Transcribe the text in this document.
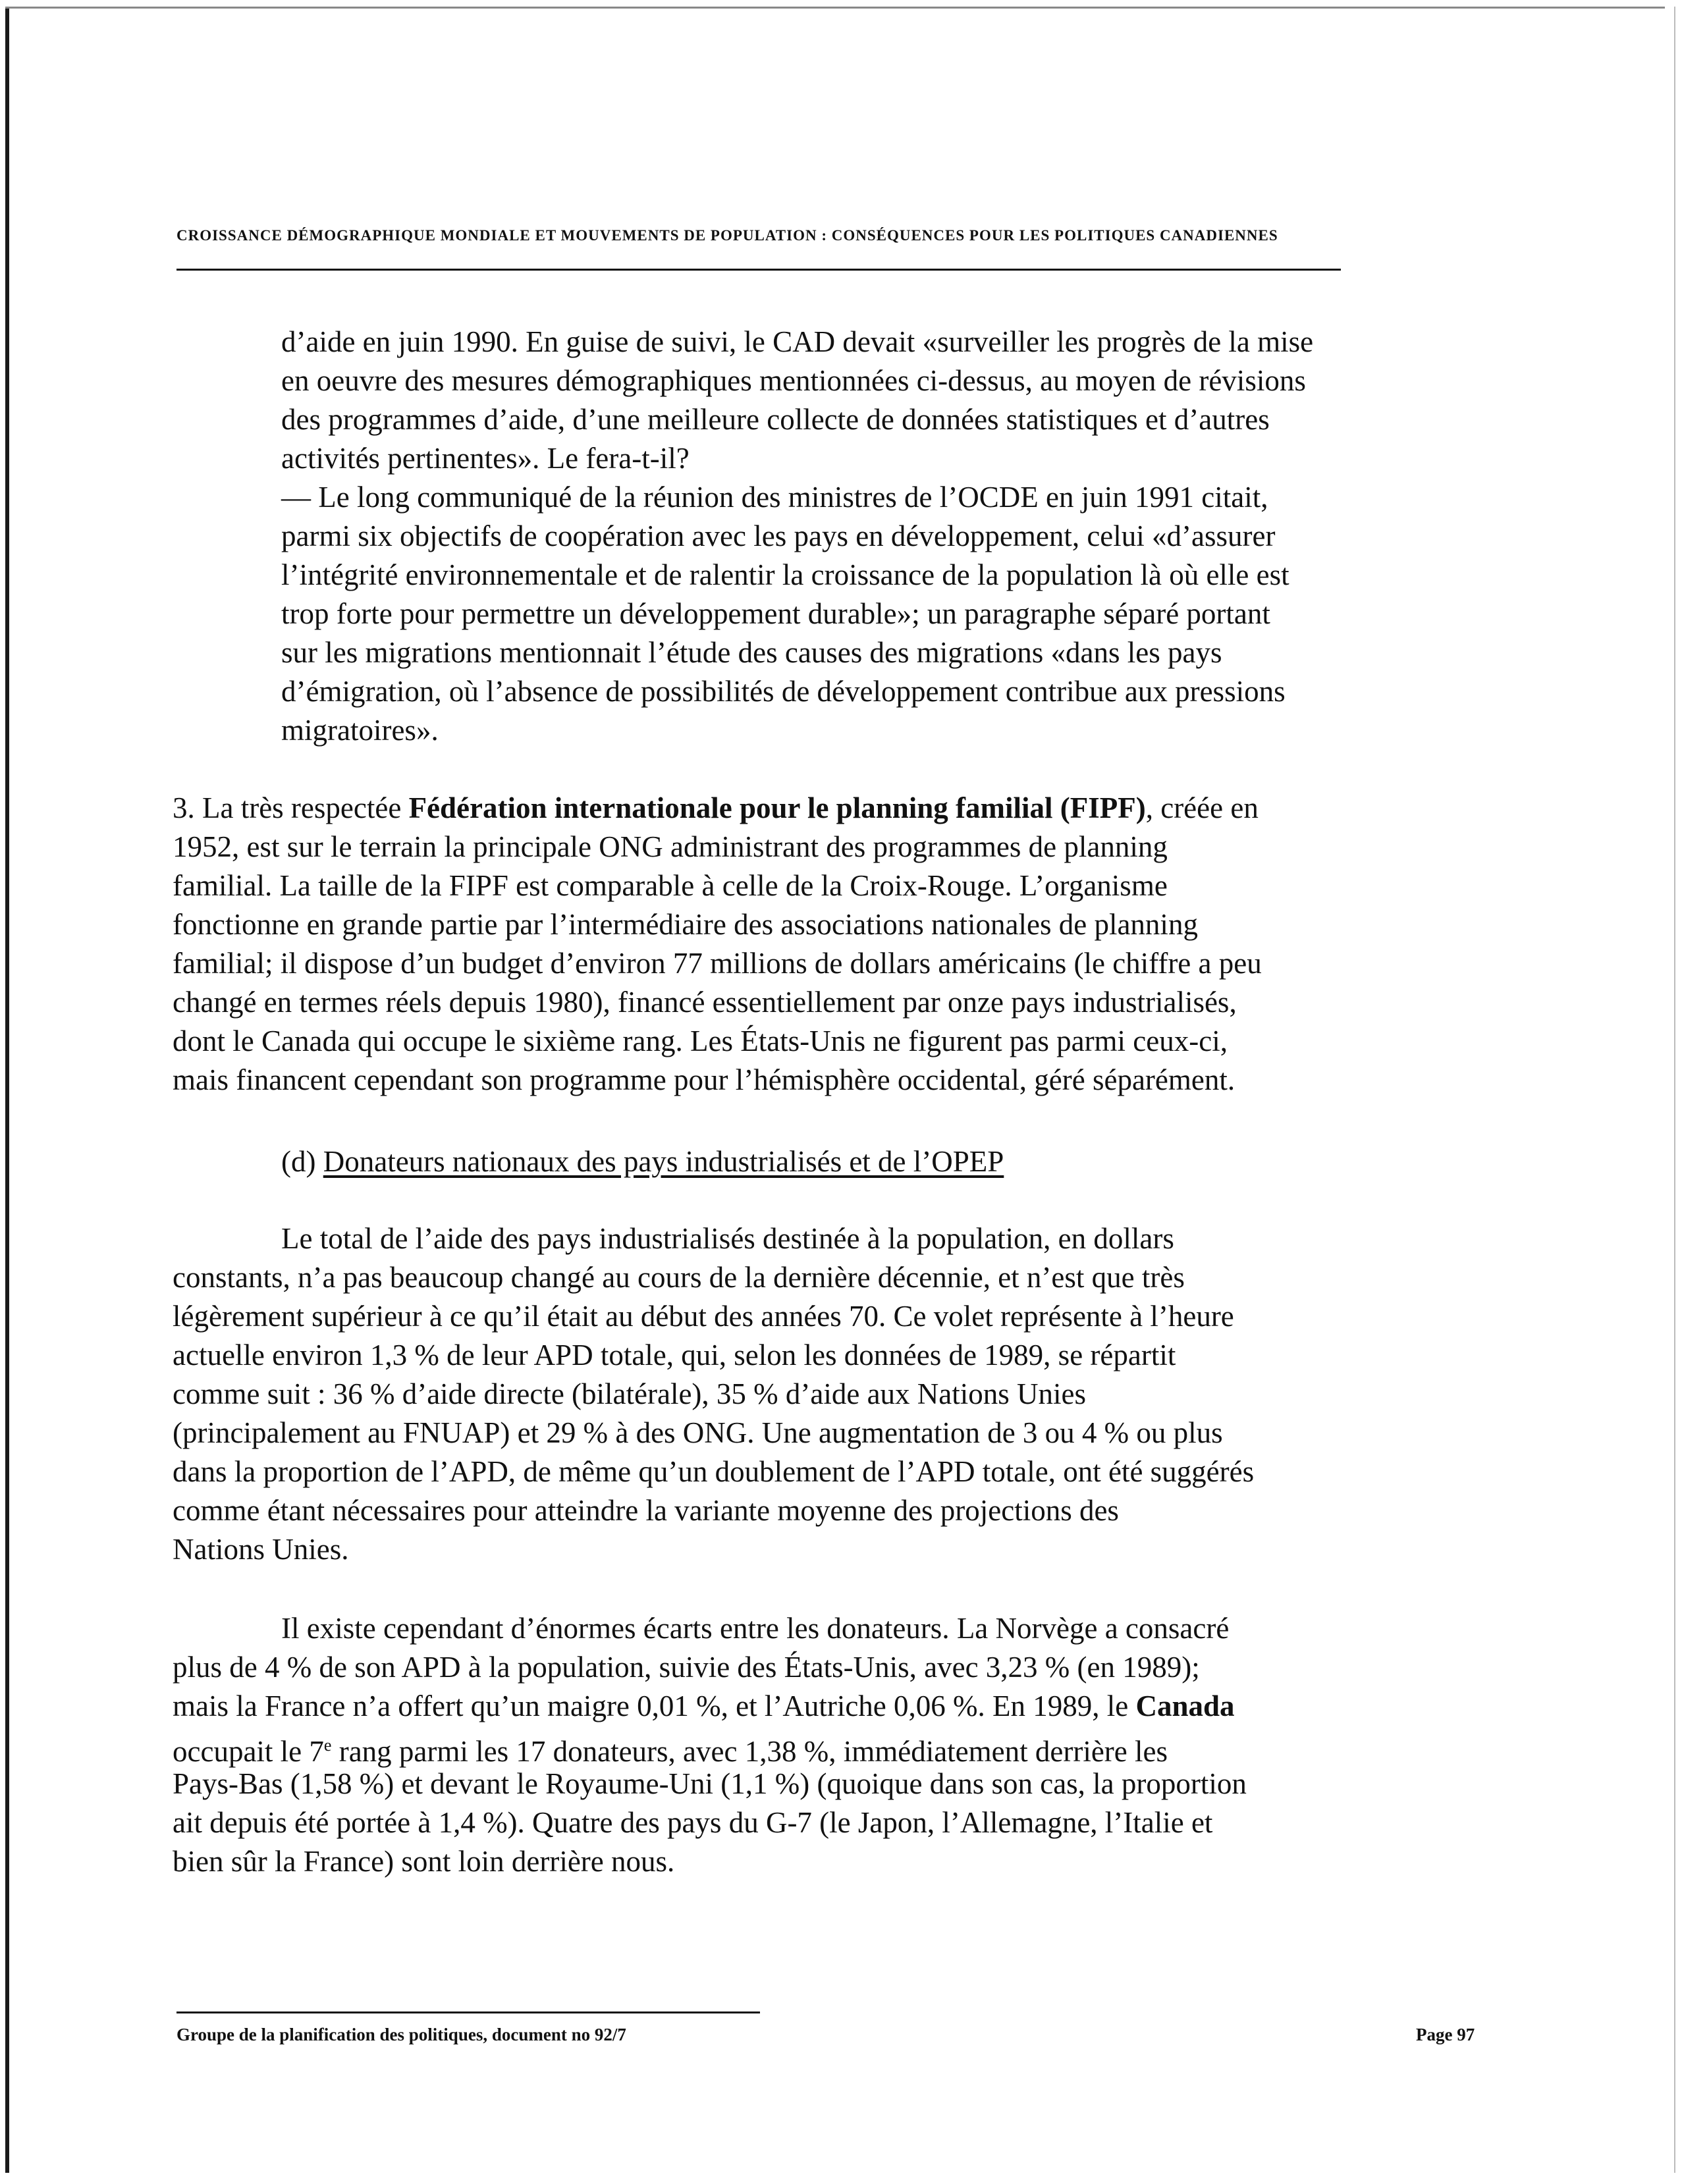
CROISSANCE DÉMOGRAPHIQUE MONDIALE ET MOUVEMENTS DE POPULATION : CONSÉQUENCES POUR LES POLITIQUES CANADIENNES
d’aide en juin 1990. En guise de suivi, le CAD devait «surveiller les progrès de la mise
en oeuvre des mesures démographiques mentionnées ci-dessus, au moyen de révisions
des programmes d’aide, d’une meilleure collecte de données statistiques et d’autres
activités pertinentes». Le fera-t-il?
— Le long communiqué de la réunion des ministres de l’OCDE en juin 1991 citait,
parmi six objectifs de coopération avec les pays en développement, celui «d’assurer
l’intégrité environnementale et de ralentir la croissance de la population là où elle est
trop forte pour permettre un développement durable»; un paragraphe séparé portant
sur les migrations mentionnait l’étude des causes des migrations «dans les pays
d’émigration, où l’absence de possibilités de développement contribue aux pressions
migratoires».
3. La très respectée Fédération internationale pour le planning familial (FIPF), créée en
1952, est sur le terrain la principale ONG administrant des programmes de planning
familial. La taille de la FIPF est comparable à celle de la Croix-Rouge. L’organisme
fonctionne en grande partie par l’intermédiaire des associations nationales de planning
familial; il dispose d’un budget d’environ 77 millions de dollars américains (le chiffre a peu
changé en termes réels depuis 1980), financé essentiellement par onze pays industrialisés,
dont le Canada qui occupe le sixième rang. Les États-Unis ne figurent pas parmi ceux-ci,
mais financent cependant son programme pour l’hémisphère occidental, géré séparément.
(d) Donateurs nationaux des pays industrialisés et de l’OPEP
Le total de l’aide des pays industrialisés destinée à la population, en dollars
constants, n’a pas beaucoup changé au cours de la dernière décennie, et n’est que très
légèrement supérieur à ce qu’il était au début des années 70. Ce volet représente à l’heure
actuelle environ 1,3 % de leur APD totale, qui, selon les données de 1989, se répartit
comme suit : 36 % d’aide directe (bilatérale), 35 % d’aide aux Nations Unies
(principalement au FNUAP) et 29 % à des ONG. Une augmentation de 3 ou 4 % ou plus
dans la proportion de l’APD, de même qu’un doublement de l’APD totale, ont été suggérés
comme étant nécessaires pour atteindre la variante moyenne des projections des
Nations Unies.
Il existe cependant d’énormes écarts entre les donateurs. La Norvège a consacré
plus de 4 % de son APD à la population, suivie des États-Unis, avec 3,23 % (en 1989);
mais la France n’a offert qu’un maigre 0,01 %, et l’Autriche 0,06 %. En 1989, le Canada
occupait le 7e rang parmi les 17 donateurs, avec 1,38 %, immédiatement derrière les
Pays-Bas (1,58 %) et devant le Royaume-Uni (1,1 %) (quoique dans son cas, la proportion
ait depuis été portée à 1,4 %). Quatre des pays du G-7 (le Japon, l’Allemagne, l’Italie et
bien sûr la France) sont loin derrière nous.
Groupe de la planification des politiques, document no 92/7	Page 97
